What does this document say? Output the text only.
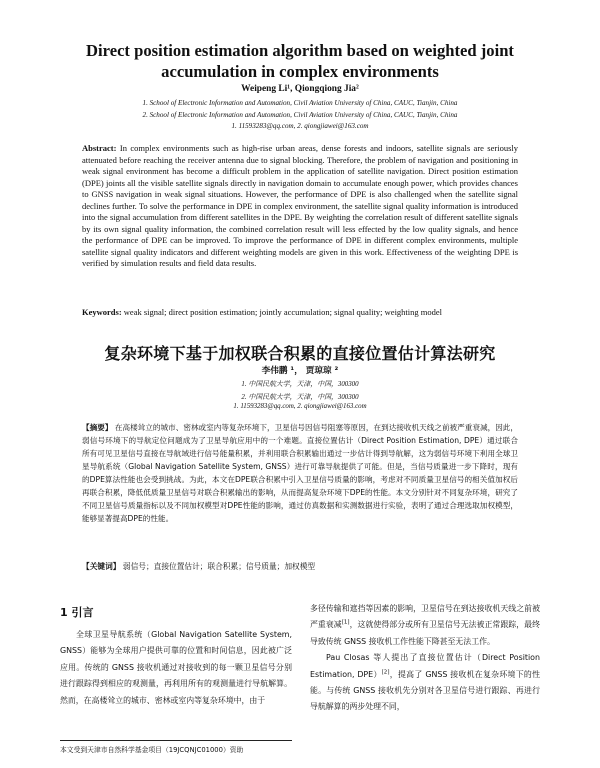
Direct position estimation algorithm based on weighted joint
accumulation in complex environments
Weipeng Li¹, Qiongqiong Jia²
1. School of Electronic Information and Automation, Civil Aviation University of China, CAUC, Tianjin, China
2. School of Electronic Information and Automation, Civil Aviation University of China, CAUC, Tianjin, China
1. 11593283@qq.com, 2. qiongjiawei@163.com
Abstract: In complex environments such as high-rise urban areas, dense forests and indoors, satellite signals are seriously attenuated before reaching the receiver antenna due to signal blocking. Therefore, the problem of navigation and positioning in weak signal environment has become a difficult problem in the application of satellite navigation. Direct position estimation (DPE) joints all the visible satellite signals directly in navigation domain to accumulate enough power, which provides chances to GNSS navigation in weak signal situations. However, the performance of DPE is also challenged when the satellite signal declines further. To solve the performance in DPE in complex environment, the satellite signal quality information is introduced into the signal accumulation from different satellites in the DPE. By weighting the correlation result of different satellite signals by its own signal quality information, the combined correlation result will less effected by the low quality signals, and hence the performance of DPE can be improved. To improve the performance of DPE in different complex environments, multiple satellite signal quality indicators and different weighting models are given in this work. Effectiveness of the weighting DPE is verified by simulation results and field data results.
Keywords: weak signal; direct position estimation; jointly accumulation; signal quality; weighting model
复杂环境下基于加权联合积累的直接位置估计算法研究
李伟鹏 ¹， 贾琼琼 ²
1. 中国民航大学，天津，中国，300300
2. 中国民航大学，天津，中国，300300
1. 11593283@qq.com, 2. qiongjiawei@163.com
【摘要】 在高楼耸立的城市、密林或室内等复杂环境下，卫星信号因信号阻塞等原因，在到达接收机天线之前被严重衰减，因此，弱信号环境下的导航定位问题成为了卫星导航应用中的一个难题。直接位置估计（Direct Position Estimation, DPE）通过联合所有可见卫星信号直接在导航域进行信号能量积累，并利用联合积累输出通过一步估计得到导航解，这为弱信号环境下利用全球卫星导航系统（Global Navigation Satellite System, GNSS）进行可靠导航提供了可能。但是，当信号质量进一步下降时，现有的DPE算法性能也会受到挑战。为此，本文在DPE联合积累中引入卫星信号质量的影响，考虑对不同质量卫星信号的相关值加权后再联合积累，降低低质量卫星信号对联合积累输出的影响，从而提高复杂环境下DPE的性能。本文分别针对不同复杂环境，研究了不同卫星信号质量指标以及不同加权模型对DPE性能的影响，通过仿真数据和实测数据进行实验，表明了通过合理选取加权模型，能够显著提高DPE的性能。
【关键词】 弱信号；直接位置估计；联合积累；信号质量；加权模型
1 引言
全球卫星导航系统（Global Navigation Satellite System, GNSS）能够为全球用户提供可靠的位置和时间信息，因此被广泛应用。传统的 GNSS 接收机通过对接收到的每一颗卫星信号分别进行跟踪得到相应的观测量，再利用所有的观测量进行导航解算。然而，在高楼耸立的城市、密林或室内等复杂环境中，由于

多径传输和遮挡等因素的影响，卫星信号在到达接收机天线之前被严重衰减[1]，这就使得部分或所有卫星信号无法被正常跟踪，最终导致传统 GNSS 接收机工作性能下降甚至无法工作。

Pau Closas 等人提出了直接位置估计（Direct Position Estimation, DPE）[2]，提高了 GNSS 接收机在复杂环境下的性能。与传统 GNSS 接收机先分别对各卫星信号进行跟踪、再进行导航解算的两步处理不同，

本文受到天津市自然科学基金项目（19JCQNJC01000）资助
